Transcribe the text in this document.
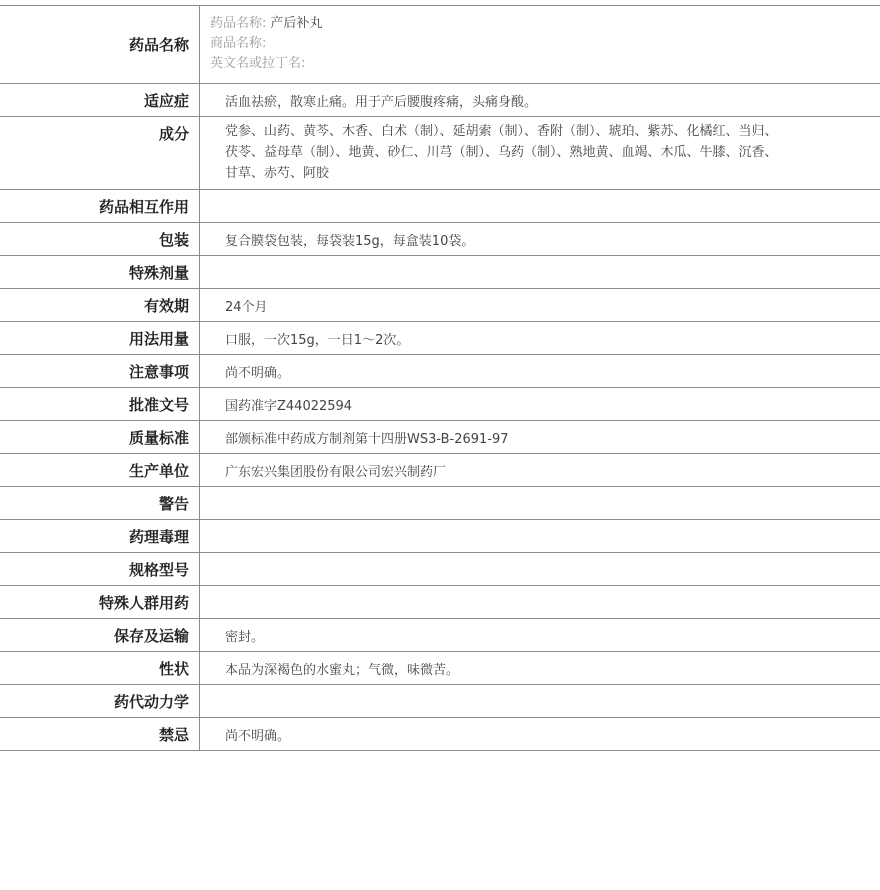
药品名称
药品名称: 产后补丸
商品名称:
英文名或拉丁名:
适应症	活血祛瘀，散寒止痛。用于产后腰腹疼痛，头痛身酸。
成分	党参、山药、黄芩、木香、白术（制）、延胡索（制）、香附（制）、琥珀、紫苏、化橘红、当归、茯苓、益母草（制）、地黄、砂仁、川芎（制）、乌药（制）、熟地黄、血竭、木瓜、牛膝、沉香、甘草、赤芍、阿胶
药品相互作用
包装	复合膜袋包装，每袋装15g，每盒装10袋。
特殊剂量
有效期	24个月
用法用量	口服，一次15g，一日1～2次。
注意事项	尚不明确。
批准文号	国药准字Z44022594
质量标准	部颁标准中药成方制剂第十四册WS3-B-2691-97
生产单位	广东宏兴集团股份有限公司宏兴制药厂
警告
药理毒理
规格型号
特殊人群用药
保存及运输	密封。
性状	本品为深褐色的水蜜丸；气微，味微苦。
药代动力学
禁忌	尚不明确。
